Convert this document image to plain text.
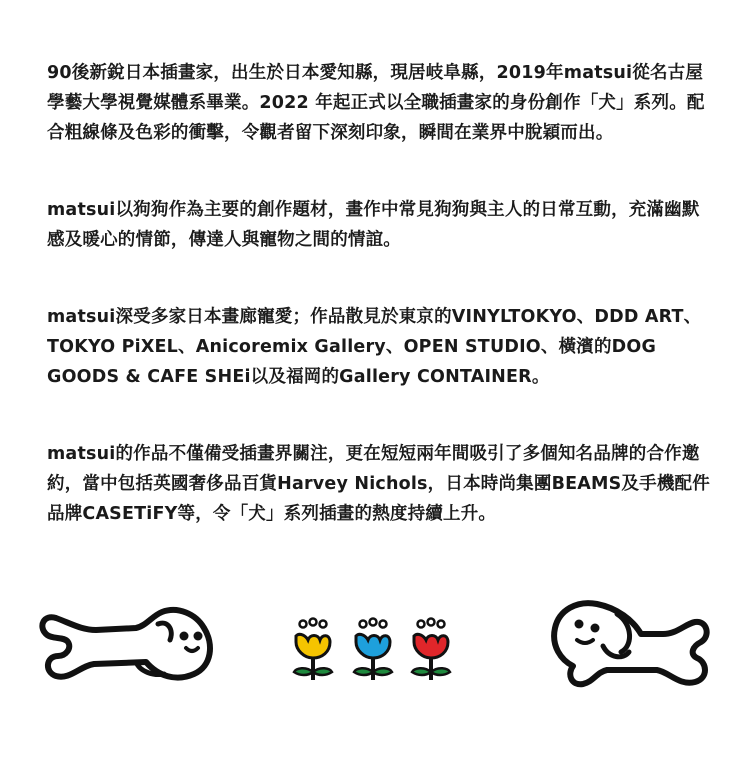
90後新銳日本插畫家，出生於日本愛知縣，現居岐阜縣，2019年matsui從名古屋學藝大學視覺媒體系畢業。2022 年起正式以全職插畫家的身份創作「犬」系列。配合粗線條及色彩的衝擊，令觀者留下深刻印象，瞬間在業界中脫穎而出。

matsui以狗狗作為主要的創作題材，畫作中常見狗狗與主人的日常互動，充滿幽默感及暖心的情節，傳達人與寵物之間的情誼。

matsui深受多家日本畫廊寵愛；作品散見於東京的VINYLTOKYO、DDD ART、TOKYO PiXEL、Anicoremix Gallery、OPEN STUDIO、橫濱的DOG GOODS & CAFE SHEi以及福岡的Gallery CONTAINER。

matsui的作品不僅備受插畫界關注，更在短短兩年間吸引了多個知名品牌的合作邀約，當中包括英國奢侈品百貨Harvey Nichols，日本時尚集團BEAMS及手機配件品牌CASETiFY等，令「犬」系列插畫的熱度持續上升。
